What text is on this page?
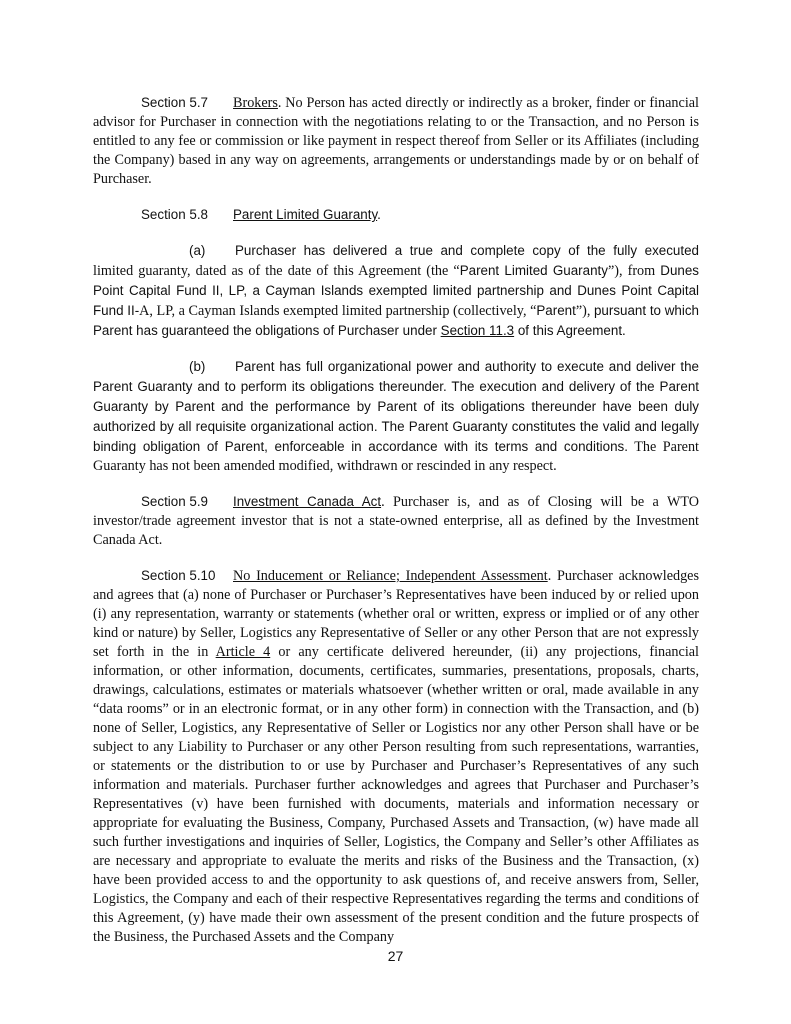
Section 5.7 Brokers. No Person has acted directly or indirectly as a broker, finder or financial advisor for Purchaser in connection with the negotiations relating to or the Transaction, and no Person is entitled to any fee or commission or like payment in respect thereof from Seller or its Affiliates (including the Company) based in any way on agreements, arrangements or understandings made by or on behalf of Purchaser.

Section 5.8 Parent Limited Guaranty.

(a) Purchaser has delivered a true and complete copy of the fully executed limited guaranty, dated as of the date of this Agreement (the “Parent Limited Guaranty”), from Dunes Point Capital Fund II, LP, a Cayman Islands exempted limited partnership and Dunes Point Capital Fund II-A, LP, a Cayman Islands exempted limited partnership (collectively, “Parent”), pursuant to which Parent has guaranteed the obligations of Purchaser under Section 11.3 of this Agreement.

(b) Parent has full organizational power and authority to execute and deliver the Parent Guaranty and to perform its obligations thereunder. The execution and delivery of the Parent Guaranty by Parent and the performance by Parent of its obligations thereunder have been duly authorized by all requisite organizational action. The Parent Guaranty constitutes the valid and legally binding obligation of Parent, enforceable in accordance with its terms and conditions. The Parent Guaranty has not been amended modified, withdrawn or rescinded in any respect.

Section 5.9 Investment Canada Act. Purchaser is, and as of Closing will be a WTO investor/trade agreement investor that is not a state-owned enterprise, all as defined by the Investment Canada Act.

Section 5.10 No Inducement or Reliance; Independent Assessment. Purchaser acknowledges and agrees that (a) none of Purchaser or Purchaser’s Representatives have been induced by or relied upon (i) any representation, warranty or statements (whether oral or written, express or implied or of any other kind or nature) by Seller, Logistics any Representative of Seller or any other Person that are not expressly set forth in the in Article 4 or any certificate delivered hereunder, (ii) any projections, financial information, or other information, documents, certificates, summaries, presentations, proposals, charts, drawings, calculations, estimates or materials whatsoever (whether written or oral, made available in any “data rooms” or in an electronic format, or in any other form) in connection with the Transaction, and (b) none of Seller, Logistics, any Representative of Seller or Logistics nor any other Person shall have or be subject to any Liability to Purchaser or any other Person resulting from such representations, warranties, or statements or the distribution to or use by Purchaser and Purchaser’s Representatives of any such information and materials. Purchaser further acknowledges and agrees that Purchaser and Purchaser’s Representatives (v) have been furnished with documents, materials and information necessary or appropriate for evaluating the Business, Company, Purchased Assets and Transaction, (w) have made all such further investigations and inquiries of Seller, Logistics, the Company and Seller’s other Affiliates as are necessary and appropriate to evaluate the merits and risks of the Business and the Transaction, (x) have been provided access to and the opportunity to ask questions of, and receive answers from, Seller, Logistics, the Company and each of their respective Representatives regarding the terms and conditions of this Agreement, (y) have made their own assessment of the present condition and the future prospects of the Business, the Purchased Assets and the Company

27
